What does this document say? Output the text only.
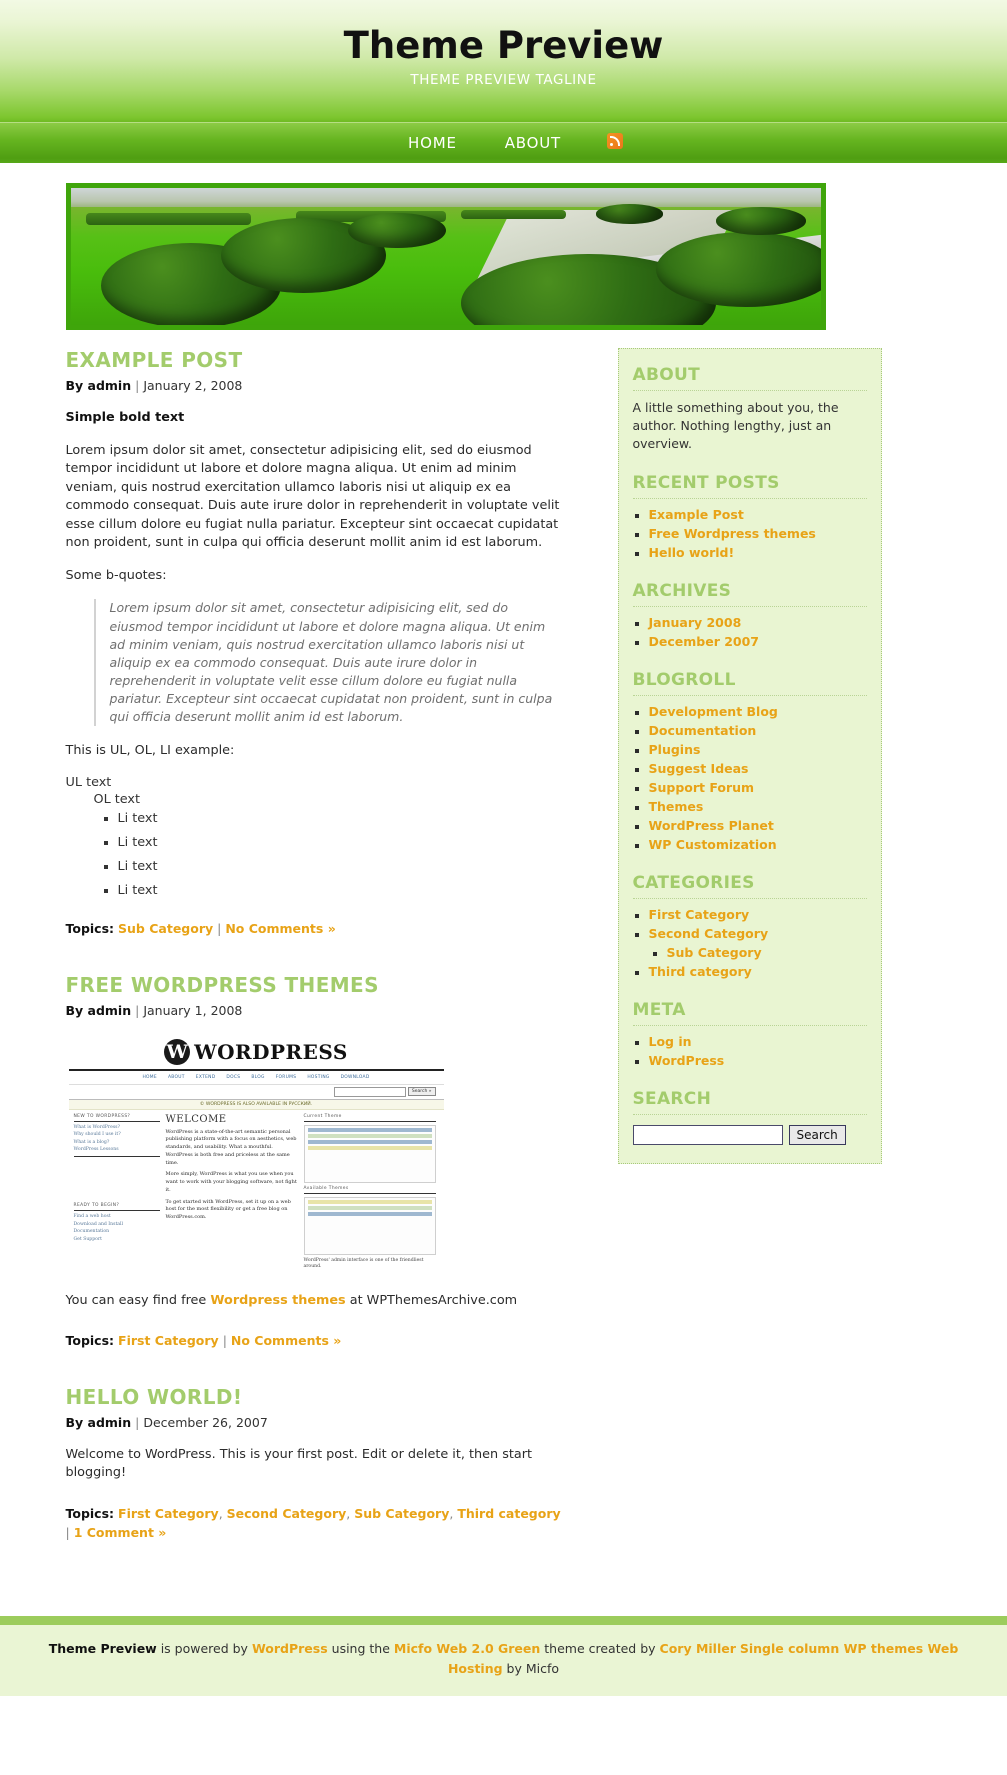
Theme Preview
THEME PREVIEW TAGLINE
HOME	ABOUT
EXAMPLE POST
By admin | January 2, 2008

Simple bold text

Lorem ipsum dolor sit amet, consectetur adipisicing elit, sed do eiusmod tempor incididunt ut labore et dolore magna aliqua. Ut enim ad minim veniam, quis nostrud exercitation ullamco laboris nisi ut aliquip ex ea commodo consequat. Duis aute irure dolor in reprehenderit in voluptate velit esse cillum dolore eu fugiat nulla pariatur. Excepteur sint occaecat cupidatat non proident, sunt in culpa qui officia deserunt mollit anim id est laborum.

Some b-quotes:

Lorem ipsum dolor sit amet, consectetur adipisicing elit, sed do eiusmod tempor incididunt ut labore et dolore magna aliqua. Ut enim ad minim veniam, quis nostrud exercitation ullamco laboris nisi ut aliquip ex ea commodo consequat. Duis aute irure dolor in reprehenderit in voluptate velit esse cillum dolore eu fugiat nulla pariatur. Excepteur sint occaecat cupidatat non proident, sunt in culpa qui officia deserunt mollit anim id est laborum.

This is UL, OL, LI example:

UL text
OL text
▪ Li text
▪ Li text
▪ Li text
▪ Li text
Topics: Sub Category | No Comments »
FREE WORDPRESS THEMES
By admin | January 1, 2008
W WORDPRESS
HOME	ABOUT	EXTEND	DOCS	BLOG	FORUMS	HOSTING	DOWNLOAD
Search »
© WORDPRESS IS ALSO AVAILABLE IN РУССКИЙ.
NEW TO WORDPRESS?
What is WordPress?
Why should I use it?
What is a blog?
WordPress Lessons
READY TO BEGIN?
Find a web host
Download and Install
Documentation
Get Support
WELCOME
WordPress is a state-of-the-art semantic personal publishing platform with a focus on aesthetics, web standards, and usability. What a mouthful. WordPress is both free and priceless at the same time.
More simply, WordPress is what you use when you want to work with your blogging software, not fight it.
To get started with WordPress, set it up on a web host for the most flexibility or get a free blog on WordPress.com.
Current Theme
Available Themes
WordPress' admin interface is one of the friendliest around.

You can easy find free Wordpress themes at WPThemesArchive.com

Topics: First Category | No Comments »
HELLO WORLD!
By admin | December 26, 2007

Welcome to WordPress. This is your first post. Edit or delete it, then start blogging!

Topics: First Category, Second Category, Sub Category, Third category | 1 Comment »
ABOUT

A little something about you, the author. Nothing lengthy, just an overview.

RECENT POSTS
▪ Example Post
▪ Free Wordpress themes
▪ Hello world!
ARCHIVES
▪ January 2008
▪ December 2007
BLOGROLL
▪ Development Blog
▪ Documentation
▪ Plugins
▪ Suggest Ideas
▪ Support Forum
▪ Themes
▪ WordPress Planet
▪ WP Customization
CATEGORIES
▪ First Category
▪ Second Category
▪ Sub Category
▪ Third category
META
▪ Log in
▪ WordPress
SEARCH
Search
Theme Preview is powered by WordPress using the Micfo Web 2.0 Green theme created by Cory Miller Single column WP themes Web Hosting by Micfo
